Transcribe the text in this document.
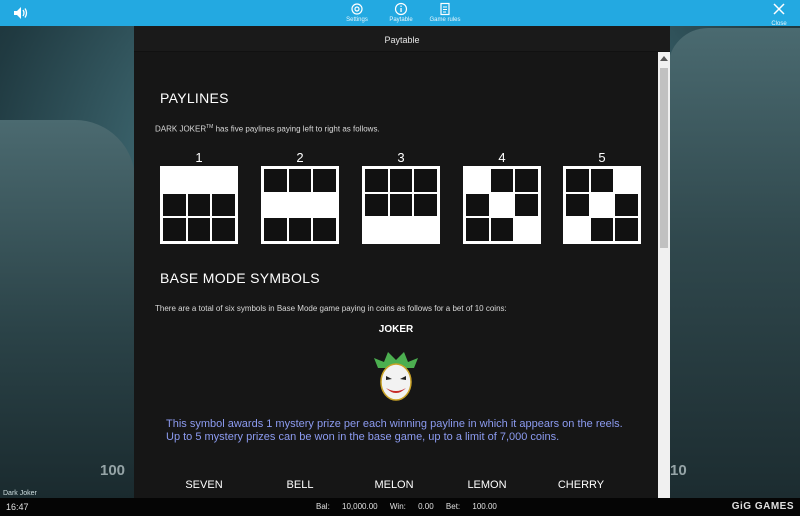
100	10
Dark Joker
Settings	Paytable	Game rules
Close
Paytable
PAYLINES
DARK JOKER™ has five paylines paying left to right as follows.
1	2	3	4	5
BASE MODE SYMBOLS
There are a total of six symbols in Base Mode game paying in coins as follows for a bet of 10 coins:
JOKER
This symbol awards 1 mystery prize per each winning payline in which it appears on the reels. Up to 5 mystery prizes can be won in the base game, up to a limit of 7,000 coins.
SEVEN	BELL	MELON	LEMON	CHERRY
16:47	Bal: 10,000.00 Win: 0.00 Bet: 100.00	GiG GAMES
